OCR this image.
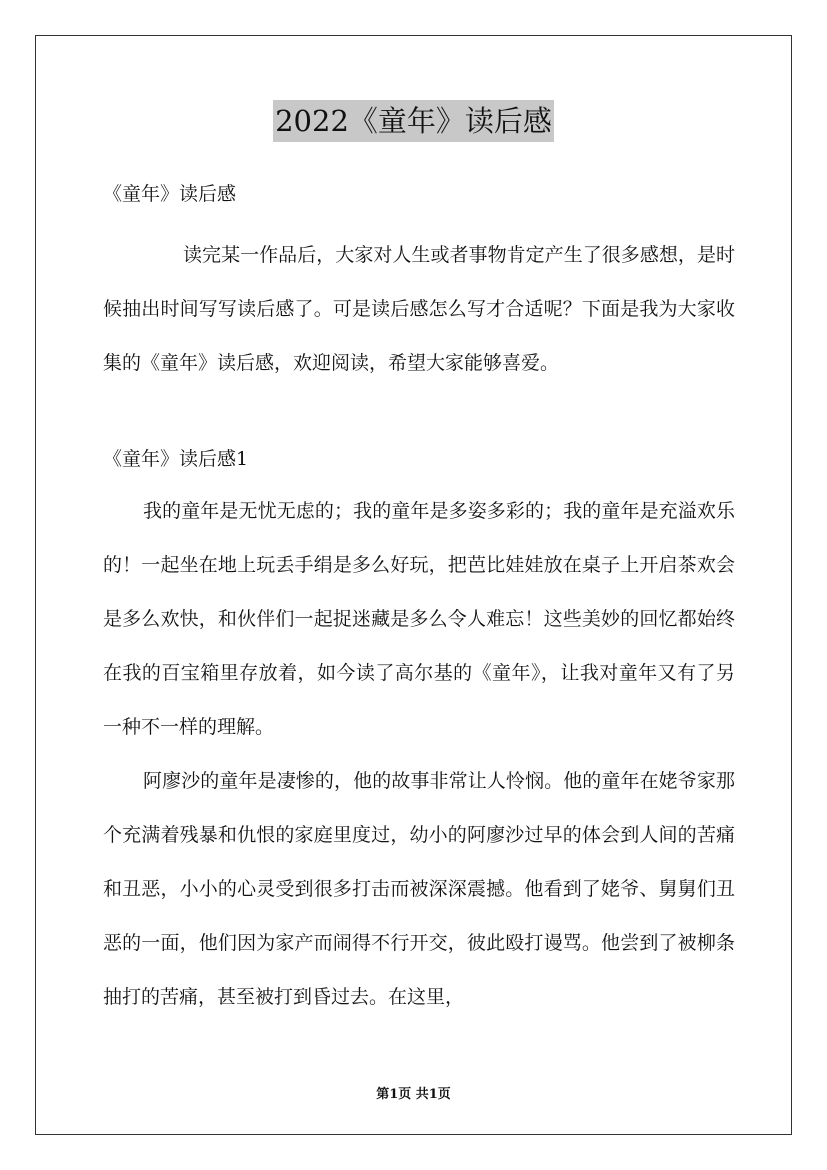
2022《童年》读后感

《童年》读后感

读完某一作品后，大家对人生或者事物肯定产生了很多感想，是时候抽出时间写写读后感了。可是读后感怎么写才合适呢？下面是我为大家收集的《童年》读后感，欢迎阅读，希望大家能够喜爱。

《童年》读后感1

我的童年是无忧无虑的；我的童年是多姿多彩的；我的童年是充溢欢乐的！一起坐在地上玩丢手绢是多么好玩，把芭比娃娃放在桌子上开启茶欢会是多么欢快，和伙伴们一起捉迷藏是多么令人难忘！这些美妙的回忆都始终在我的百宝箱里存放着，如今读了高尔基的《童年》，让我对童年又有了另一种不一样的理解。

阿廖沙的童年是凄惨的，他的故事非常让人怜悯。他的童年在姥爷家那个充满着残暴和仇恨的家庭里度过，幼小的阿廖沙过早的体会到人间的苦痛和丑恶，小小的心灵受到很多打击而被深深震撼。他看到了姥爷、舅舅们丑恶的一面，他们因为家产而闹得不行开交，彼此殴打谩骂。他尝到了被柳条抽打的苦痛，甚至被打到昏过去。在这里，

第1页 共1页
